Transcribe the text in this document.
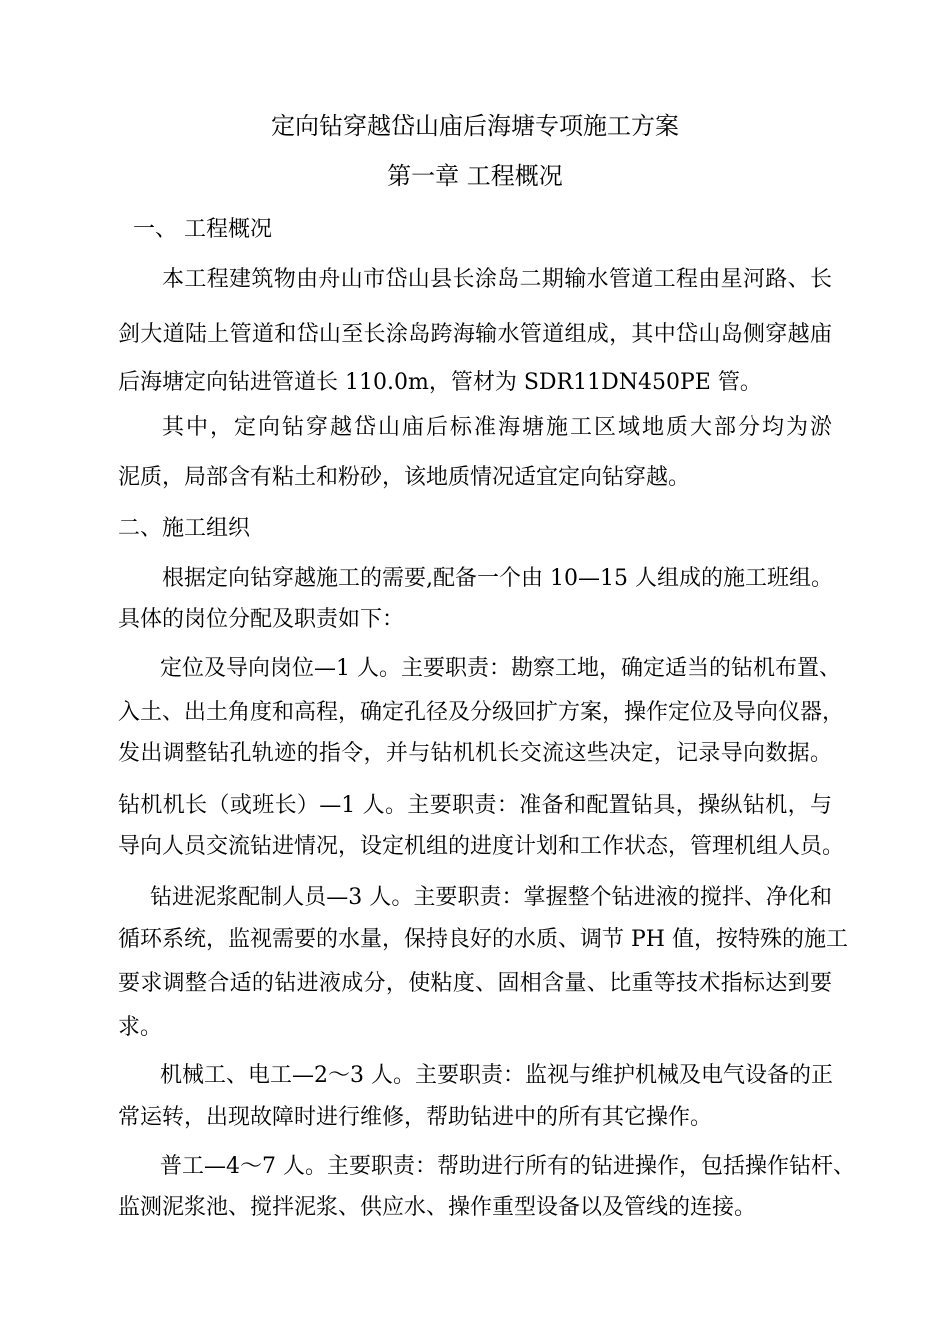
定向钻穿越岱山庙后海塘专项施工方案
第一章 工程概况
一、 工程概况
本工程建筑物由舟山市岱山县长涂岛二期输水管道工程由星河路、长
剑大道陆上管道和岱山至长涂岛跨海输水管道组成，其中岱山岛侧穿越庙
后海塘定向钻进管道长 110.0m，管材为 SDR11DN450PE 管。
其中，定向钻穿越岱山庙后标准海塘施工区域地质大部分均为淤
泥质，局部含有粘土和粉砂，该地质情况适宜定向钻穿越。
二、施工组织
根据定向钻穿越施工的需要,配备一个由 10—15 人组成的施工班组。
具体的岗位分配及职责如下：
定位及导向岗位—1 人。主要职责：勘察工地，确定适当的钻机布置、
入土、出土角度和高程，确定孔径及分级回扩方案，操作定位及导向仪器，
发出调整钻孔轨迹的指令，并与钻机机长交流这些决定，记录导向数据。
钻机机长（或班长）—1 人。主要职责：准备和配置钻具，操纵钻机，与
导向人员交流钻进情况，设定机组的进度计划和工作状态，管理机组人员。
钻进泥浆配制人员—3 人。主要职责：掌握整个钻进液的搅拌、净化和
循环系统，监视需要的水量，保持良好的水质、调节 PH 值，按特殊的施工
要求调整合适的钻进液成分，使粘度、固相含量、比重等技术指标达到要
求。
机械工、电工—2～3 人。主要职责：监视与维护机械及电气设备的正
常运转，出现故障时进行维修，帮助钻进中的所有其它操作。
普工—4～7 人。主要职责：帮助进行所有的钻进操作，包括操作钻杆、
监测泥浆池、搅拌泥浆、供应水、操作重型设备以及管线的连接。
